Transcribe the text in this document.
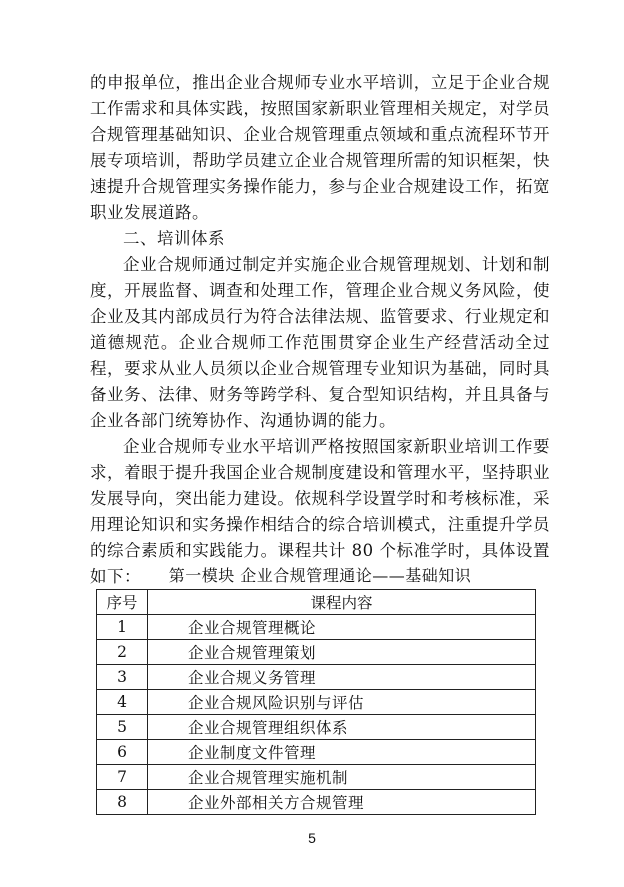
的申报单位，推出企业合规师专业水平培训，立足于企业合规工作需求和具体实践，按照国家新职业管理相关规定，对学员合规管理基础知识、企业合规管理重点领域和重点流程环节开展专项培训，帮助学员建立企业合规管理所需的知识框架，快速提升合规管理实务操作能力，参与企业合规建设工作，拓宽职业发展道路。

二、培训体系

企业合规师通过制定并实施企业合规管理规划、计划和制度，开展监督、调查和处理工作，管理企业合规义务风险，使企业及其内部成员行为符合法律法规、监管要求、行业规定和道德规范。企业合规师工作范围贯穿企业生产经营活动全过程，要求从业人员须以企业合规管理专业知识为基础，同时具备业务、法律、财务等跨学科、复合型知识结构，并且具备与企业各部门统筹协作、沟通协调的能力。

企业合规师专业水平培训严格按照国家新职业培训工作要求，着眼于提升我国企业合规制度建设和管理水平，坚持职业发展导向，突出能力建设。依规科学设置学时和考核标准，采用理论知识和实务操作相结合的综合培训模式，注重提升学员的综合素质和实践能力。课程共计 80 个标准学时，具体设置如下：	第一模块 企业合规管理通论——基础知识
序号	课程内容
1	企业合规管理概论
2	企业合规管理策划
3	企业合规义务管理
4	企业合规风险识别与评估
5	企业合规管理组织体系
6	企业制度文件管理
7	企业合规管理实施机制
8	企业外部相关方合规管理
5
